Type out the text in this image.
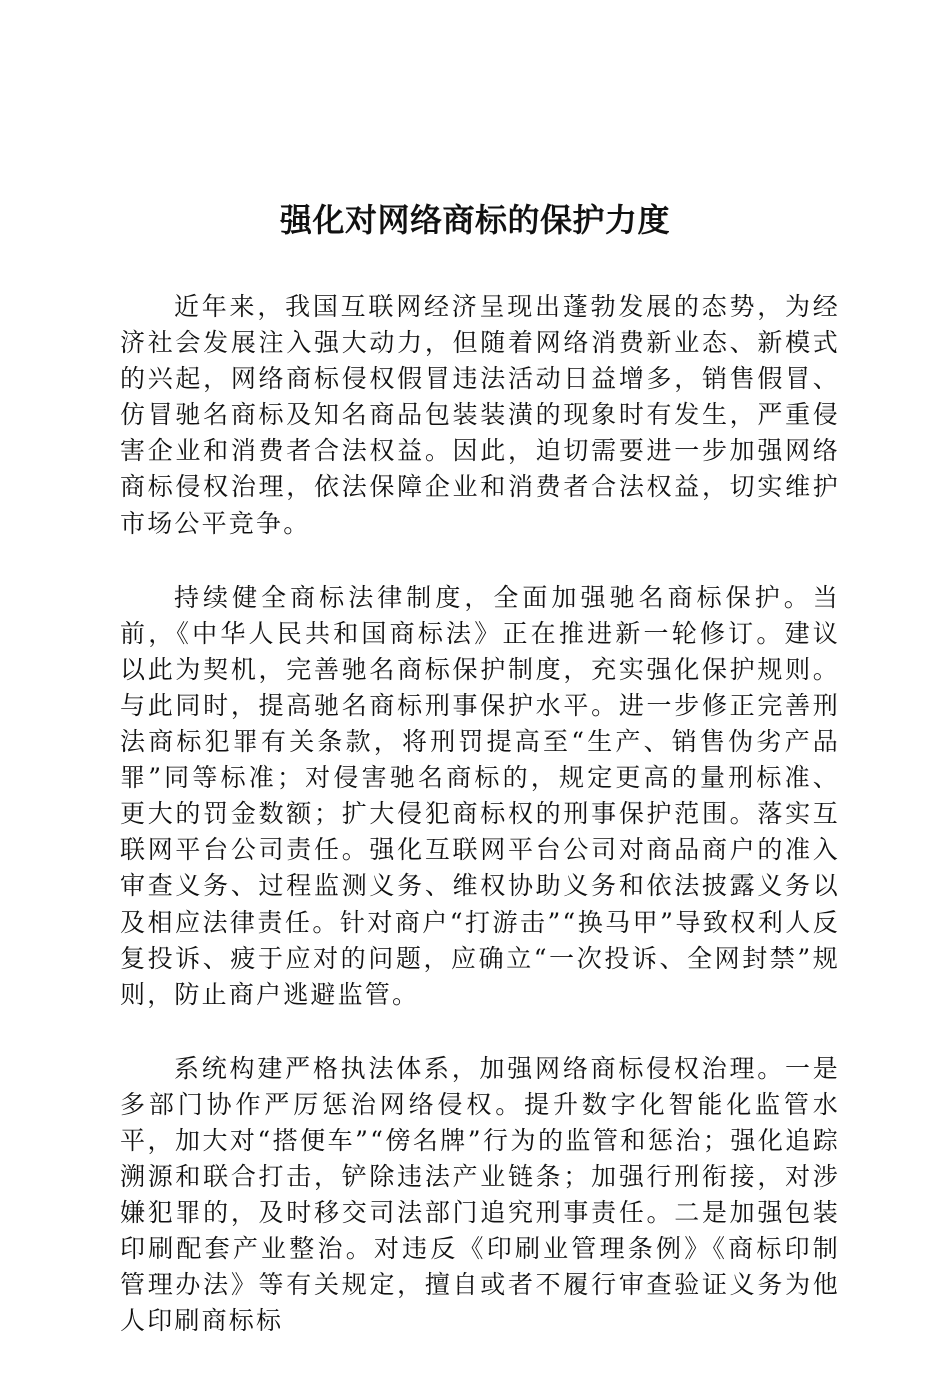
强化对网络商标的保护力度

近年来，我国互联网经济呈现出蓬勃发展的态势，为经济社会发展注入强大动力，但随着网络消费新业态、新模式的兴起，网络商标侵权假冒违法活动日益增多，销售假冒、仿冒驰名商标及知名商品包装装潢的现象时有发生，严重侵害企业和消费者合法权益。因此，迫切需要进一步加强网络商标侵权治理，依法保障企业和消费者合法权益，切实维护市场公平竞争。

持续健全商标法律制度，全面加强驰名商标保护。当前，《中华人民共和国商标法》正在推进新一轮修订。建议以此为契机，完善驰名商标保护制度，充实强化保护规则。与此同时，提高驰名商标刑事保护水平。进一步修正完善刑法商标犯罪有关条款，将刑罚提高至“生产、销售伪劣产品罪”同等标准；对侵害驰名商标的，规定更高的量刑标准、更大的罚金数额；扩大侵犯商标权的刑事保护范围。落实互联网平台公司责任。强化互联网平台公司对商品商户的准入审查义务、过程监测义务、维权协助义务和依法披露义务以及相应法律责任。针对商户“打游击”“换马甲”导致权利人反复投诉、疲于应对的问题，应确立“一次投诉、全网封禁”规则，防止商户逃避监管。

系统构建严格执法体系，加强网络商标侵权治理。一是多部门协作严厉惩治网络侵权。提升数字化智能化监管水平，加大对“搭便车”“傍名牌”行为的监管和惩治；强化追踪溯源和联合打击，铲除违法产业链条；加强行刑衔接，对涉嫌犯罪的，及时移交司法部门追究刑事责任。二是加强包装印刷配套产业整治。对违反《印刷业管理条例》《商标印制管理办法》等有关规定，擅自或者不履行审查验证义务为他人印刷商标标
